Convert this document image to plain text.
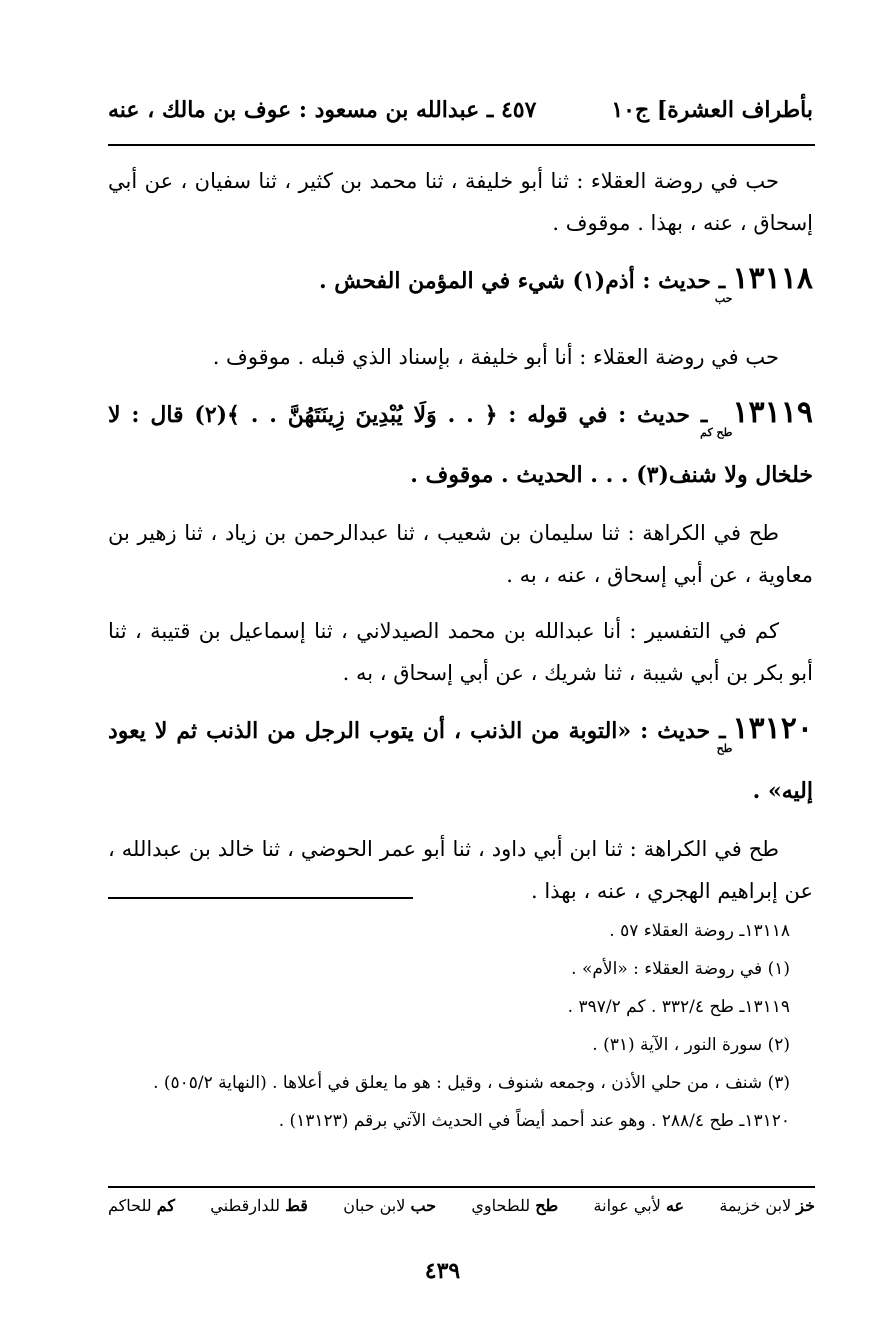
بأطراف العشرة] ج١٠
٤٥٧ ـ عبدالله بن مسعود : عوف بن مالك ، عنه

حب في روضة العقلاء : ثنا أبو خليفة ، ثنا محمد بن كثير ، ثنا سفيان ، عن أبي إسحاق ، عنه ، بهذا . موقوف .

١٣١١٨حب ـ حديث : أذم(١) شيء في المؤمن الفحش .

حب في روضة العقلاء : أنا أبو خليفة ، بإسناد الذي قبله . موقوف .

١٣١١٩طح كم ـ حديث : في قوله : ﴿ . . وَلَا يُبْدِينَ زِينَتَهُنَّ . . ﴾(٢) قال : لا خلخال ولا شنف(٣) . . . الحديث . موقوف .

طح في الكراهة : ثنا سليمان بن شعيب ، ثنا عبدالرحمن بن زياد ، ثنا زهير بن معاوية ، عن أبي إسحاق ، عنه ، به .

كم في التفسير : أنا عبدالله بن محمد الصيدلاني ، ثنا إسماعيل بن قتيبة ، ثنا أبو بكر بن أبي شيبة ، ثنا شريك ، عن أبي إسحاق ، به .

١٣١٢٠طح ـ حديث : «التوبة من الذنب ، أن يتوب الرجل من الذنب ثم لا يعود إليه» .

طح في الكراهة : ثنا ابن أبي داود ، ثنا أبو عمر الحوضي ، ثنا خالد بن عبدالله ، عن إبراهيم الهجري ، عنه ، بهذا .

١٣١١٨ـ روضة العقلاء ٥٧ .

(١) في روضة العقلاء : «الأم» .

١٣١١٩ـ طح ٣٣٢/٤ . كم ٣٩٧/٢ .

(٢) سورة النور ، الآية (٣١) .

(٣) شنف ، من حلي الأذن ، وجمعه شنوف ، وقيل : هو ما يعلق في أعلاها . (النهاية ٥٠٥/٢) .

١٣١٢٠ـ طح ٢٨٨/٤ . وهو عند أحمد أيضاً في الحديث الآتي برقم (١٣١٢٣) .

خز لابن خزيمة
عه لأبي عوانة
طح للطحاوي
حب لابن حبان
قط للدارقطني
كم للحاكم
٤٣٩
